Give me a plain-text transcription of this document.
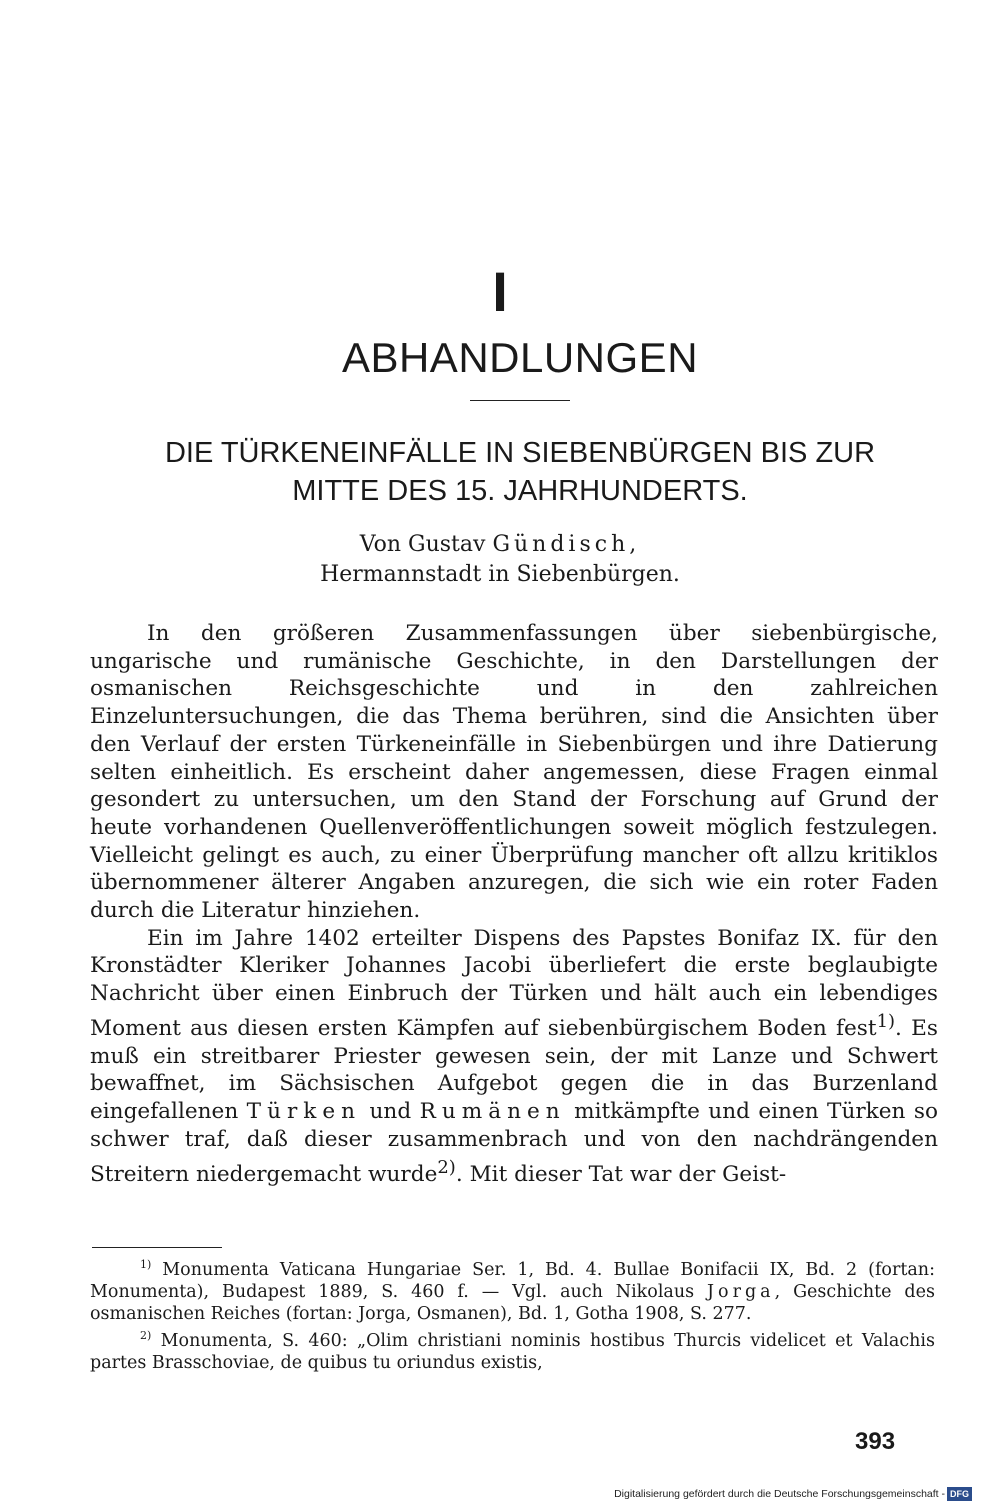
I
ABHANDLUNGEN
DIE TÜRKENEINFÄLLE IN SIEBENBÜRGEN BIS ZUR
MITTE DES 15. JAHRHUNDERTS.
Von Gustav Gündisch,
Hermannstadt in Siebenbürgen.

In den größeren Zusammenfassungen über siebenbürgische, ungarische und rumänische Geschichte, in den Darstellungen der osmanischen Reichsgeschichte und in den zahlreichen Einzeluntersuchungen, die das Thema berühren, sind die Ansichten über den Verlauf der ersten Türkeneinfälle in Siebenbürgen und ihre Datierung selten einheitlich. Es erscheint daher angemessen, diese Fragen einmal gesondert zu untersuchen, um den Stand der Forschung auf Grund der heute vorhandenen Quellenveröffentlichungen soweit möglich festzulegen. Vielleicht gelingt es auch, zu einer Überprüfung mancher oft allzu kritiklos übernommener älterer Angaben anzuregen, die sich wie ein roter Faden durch die Literatur hinziehen.

Ein im Jahre 1402 erteilter Dispens des Papstes Bonifaz IX. für den Kronstädter Kleriker Johannes Jacobi überliefert die erste beglaubigte Nachricht über einen Einbruch der Türken und hält auch ein lebendiges Moment aus diesen ersten Kämpfen auf siebenbürgischem Boden fest$^{1)}$. Es muß ein streitbarer Priester gewesen sein, der mit Lanze und Schwert bewaffnet, im Sächsischen Aufgebot gegen die in das Burzenland eingefallenen Türken und Rumänen mitkämpfte und einen Türken so schwer traf, daß dieser zusammenbrach und von den nachdrängenden Streitern niedergemacht wurde$^{2)}$. Mit dieser Tat war der Geist-

$^{1)}$ Monumenta Vaticana Hungariae Ser. 1, Bd. 4. Bullae Bonifacii IX, Bd. 2 (fortan: Monumenta), Budapest 1889, S. 460 f. — Vgl. auch Nikolaus Jorga, Geschichte des osmanischen Reiches (fortan: Jorga, Osmanen), Bd. 1, Gotha 1908, S. 277.

$^{2)}$ Monumenta, S. 460: „Olim christiani nominis hostibus Thurcis videlicet et Valachis partes Brasschoviae, de quibus tu oriundus existis,

393
Digitalisierung gefördert durch die Deutsche Forschungsgemeinschaft - DFG
